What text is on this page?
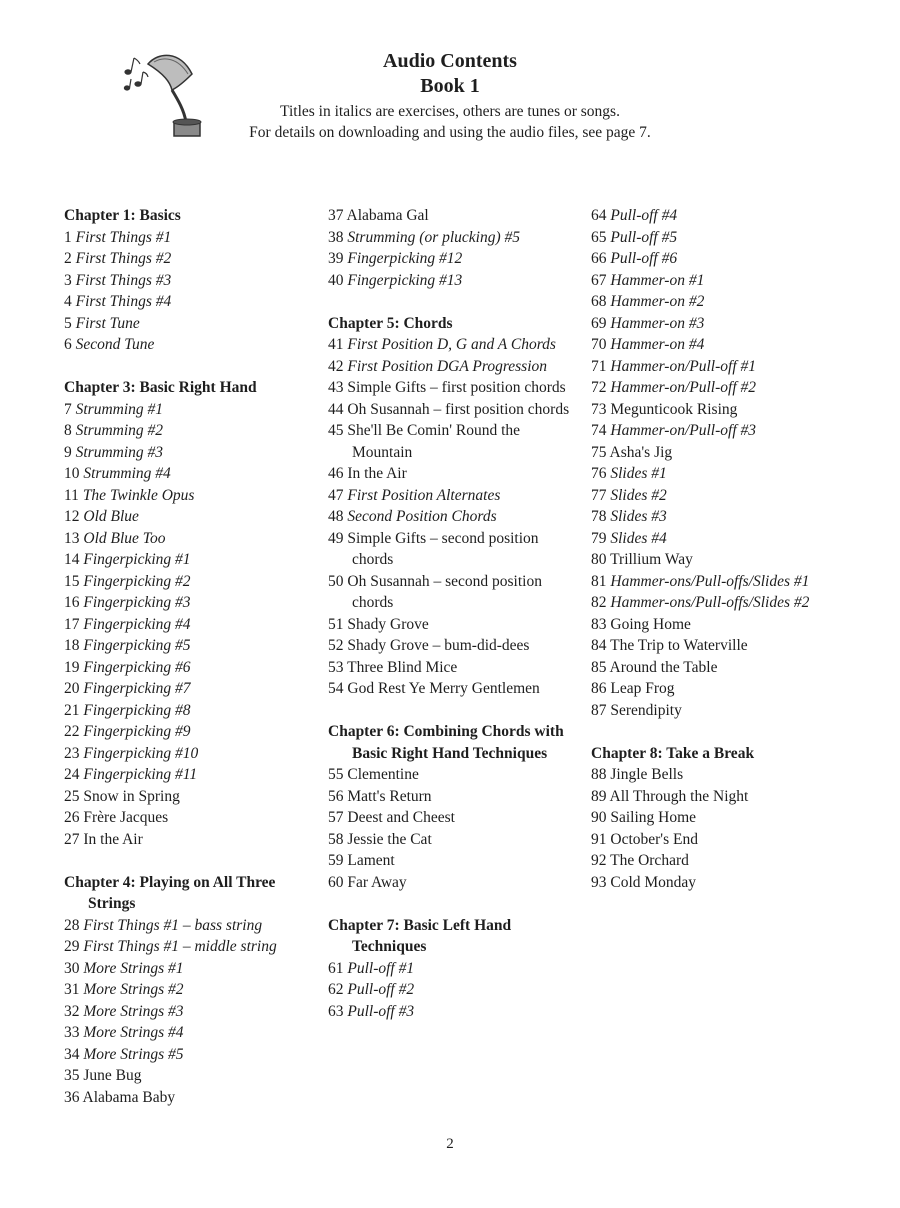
Audio Contents
Book 1
Titles in italics are exercises, others are tunes or songs.
For details on downloading and using the audio files, see page 7.
Chapter 1: Basics
1 First Things #1
2 First Things #2
3 First Things #3
4 First Things #4
5 First Tune
6 Second Tune
Chapter 3: Basic Right Hand
7 Strumming #1
8 Strumming #2
9 Strumming #3
10 Strumming #4
11 The Twinkle Opus
12 Old Blue
13 Old Blue Too
14 Fingerpicking #1
15 Fingerpicking #2
16 Fingerpicking #3
17 Fingerpicking #4
18 Fingerpicking #5
19 Fingerpicking #6
20 Fingerpicking #7
21 Fingerpicking #8
22 Fingerpicking #9
23 Fingerpicking #10
24 Fingerpicking #11
25 Snow in Spring
26 Frère Jacques
27 In the Air
Chapter 4: Playing on All Three Strings
28 First Things #1 – bass string
29 First Things #1 – middle string
30 More Strings #1
31 More Strings #2
32 More Strings #3
33 More Strings #4
34 More Strings #5
35 June Bug
36 Alabama Baby
37 Alabama Gal
38 Strumming (or plucking) #5
39 Fingerpicking #12
40 Fingerpicking #13
Chapter 5: Chords
41 First Position D, G and A Chords
42 First Position DGA Progression
43 Simple Gifts – first position chords
44 Oh Susannah – first position chords
45 She'll Be Comin' Round the Mountain
46 In the Air
47 First Position Alternates
48 Second Position Chords
49 Simple Gifts – second position chords
50 Oh Susannah – second position chords
51 Shady Grove
52 Shady Grove – bum-did-dees
53 Three Blind Mice
54 God Rest Ye Merry Gentlemen
Chapter 6: Combining Chords with Basic Right Hand Techniques
55 Clementine
56 Matt's Return
57 Deest and Cheest
58 Jessie the Cat
59 Lament
60 Far Away
Chapter 7: Basic Left Hand Techniques
61 Pull-off #1
62 Pull-off #2
63 Pull-off #3
64 Pull-off #4
65 Pull-off #5
66 Pull-off #6
67 Hammer-on #1
68 Hammer-on #2
69 Hammer-on #3
70 Hammer-on #4
71 Hammer-on/Pull-off #1
72 Hammer-on/Pull-off #2
73 Megunticook Rising
74 Hammer-on/Pull-off #3
75 Asha's Jig
76 Slides #1
77 Slides #2
78 Slides #3
79 Slides #4
80 Trillium Way
81 Hammer-ons/Pull-offs/Slides #1
82 Hammer-ons/Pull-offs/Slides #2
83 Going Home
84 The Trip to Waterville
85 Around the Table
86 Leap Frog
87 Serendipity
Chapter 8: Take a Break
88 Jingle Bells
89 All Through the Night
90 Sailing Home
91 October's End
92 The Orchard
93 Cold Monday
2
